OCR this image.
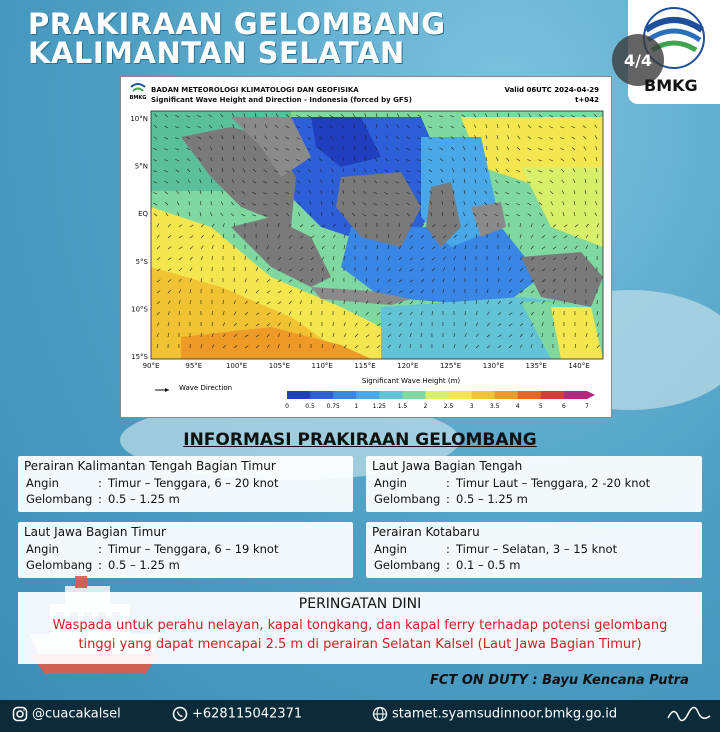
PRAKIRAAN GELOMBANG
KALIMANTAN SELATAN	4/4
BMKG
BMKG
BADAN METEOROLOGI KLIMATOLOGI DAN GEOFISIKA
Significant Wave Height and Direction - Indonesia (forced by GFS)
Valid 06UTC 2024-04-29
t+042
10°N
5°N
EQ
5°S
10°S
15°S
90°E	95°E	100°E	105°E	110°E	115°E	120°E	125°E	130°E	135°E	140°E
0	0.5 0.75 1 1.25 1.5	2	2.5	3	3.5	4	5	6	7
Wave Direction
Significant Wave Height (m)
INFORMASI PRAKIRAAN GELOMBANG
Perairan Kalimantan Tengah Bagian Timur
Angin	: Timur – Tenggara, 6 – 20 knot
Gelombang : 0.5 – 1.25 m
Laut Jawa Bagian Tengah
Angin	: Timur Laut – Tenggara, 2 -20 knot
Gelombang : 0.5 – 1.25 m
Laut Jawa Bagian Timur
Angin	: Timur – Tenggara, 6 – 19 knot
Gelombang : 0.5 – 1.25 m
Perairan Kotabaru
Angin	: Timur – Selatan, 3 – 15 knot
Gelombang : 0.1 – 0.5 m
PERINGATAN DINI
Waspada untuk perahu nelayan, kapal tongkang, dan kapal ferry terhadap potensi gelombang
tinggi yang dapat mencapai 2.5 m di perairan Selatan Kalsel (Laut Jawa Bagian Timur)
FCT ON DUTY : Bayu Kencana Putra
@cuacakalsel	+628115042371	stamet.syamsudinnoor.bmkg.go.id
